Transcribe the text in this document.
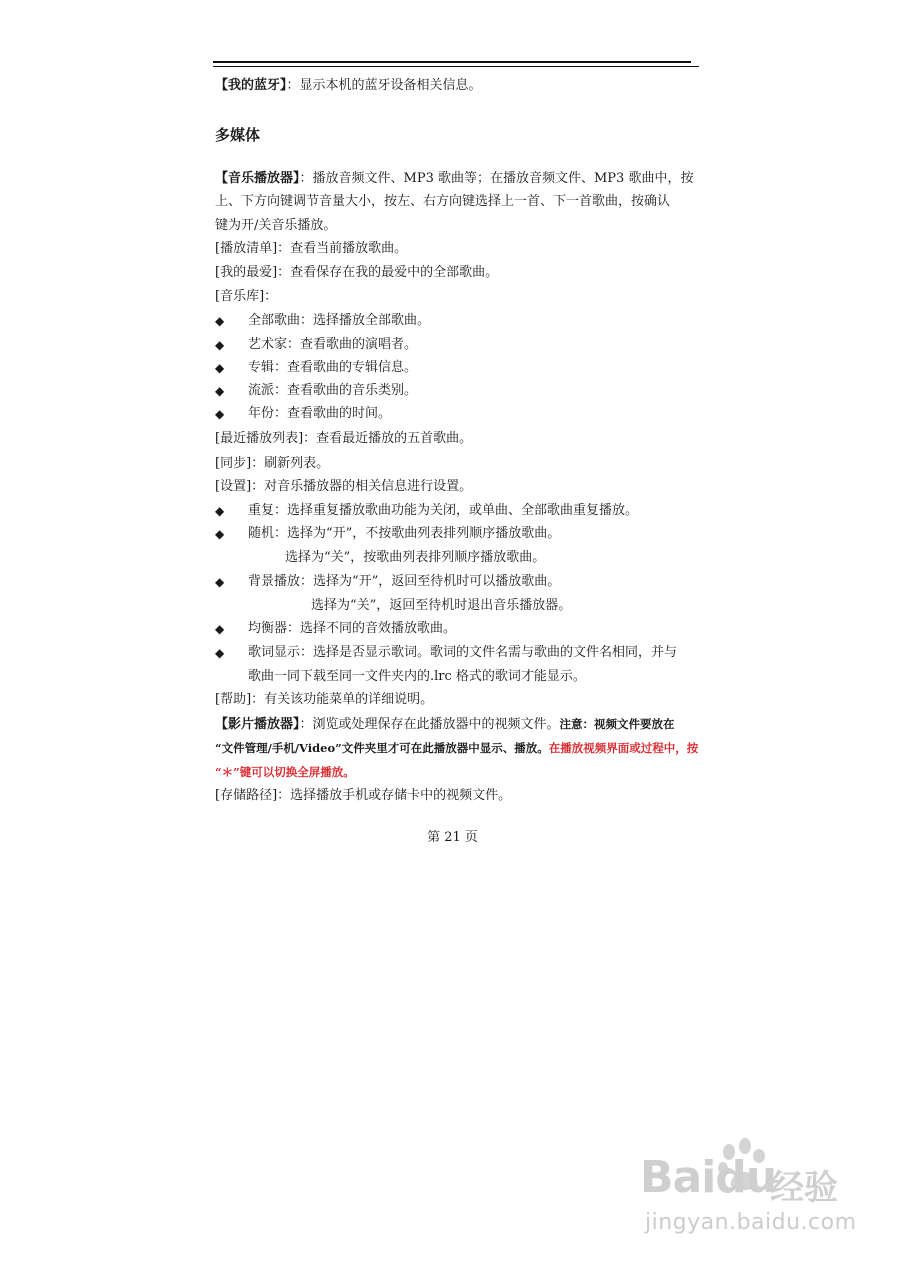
【我的蓝牙】：显示本机的蓝牙设备相关信息。
多媒体
【音乐播放器】：播放音频文件、MP3 歌曲等；在播放音频文件、MP3 歌曲中，按
上、下方向键调节音量大小，按左、右方向键选择上一首、下一首歌曲，按确认
键为开/关音乐播放。
[播放清单]：查看当前播放歌曲。
[我的最爱]：查看保存在我的最爱中的全部歌曲。
[音乐库]：
◆ 全部歌曲：选择播放全部歌曲。
◆ 艺术家：查看歌曲的演唱者。
◆ 专辑：查看歌曲的专辑信息。
◆ 流派：查看歌曲的音乐类别。
◆ 年份：查看歌曲的时间。
[最近播放列表]：查看最近播放的五首歌曲。
[同步]：刷新列表。
[设置]：对音乐播放器的相关信息进行设置。
◆ 重复：选择重复播放歌曲功能为关闭，或单曲、全部歌曲重复播放。
◆ 随机：选择为“开”，不按歌曲列表排列顺序播放歌曲。
选择为“关”，按歌曲列表排列顺序播放歌曲。
◆ 背景播放：选择为“开”，返回至待机时可以播放歌曲。
选择为“关”，返回至待机时退出音乐播放器。
◆ 均衡器：选择不同的音效播放歌曲。
◆ 歌词显示：选择是否显示歌词。歌词的文件名需与歌曲的文件名相同，并与
歌曲一同下载至同一文件夹内的.lrc 格式的歌词才能显示。
[帮助]：有关该功能菜单的详细说明。
【影片播放器】：浏览或处理保存在此播放器中的视频文件。注意：视频文件要放在
“文件管理/手机/Video”文件夹里才可在此播放器中显示、播放。在播放视频界面或过程中，按
“＊”键可以切换全屏播放。
[存储路径]：选择播放手机或存储卡中的视频文件。
第 21 页
Baidu
经验
jingyan.baidu.com
